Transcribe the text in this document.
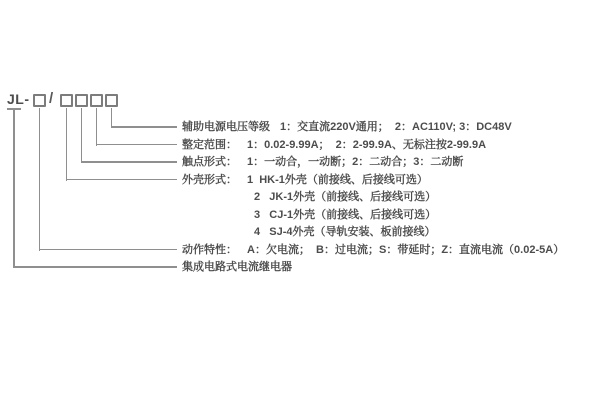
JL- /
辅助电源电压等级 1：交直流220V通用；  2：AC110V; 3：DC48V
整定范围： 1：0.02-9.99A；  2：2-99.9A、无标注按2-99.9A
触点形式： 1：一动合，一动断；2：二动合；3：二动断
外壳形式： 1  HK-1外壳（前接线、后接线可选）
2   JK-1外壳（前接线、后接线可选）
3   CJ-1外壳（前接线、后接线可选）
4   SJ-4外壳（导轨安装、板前接线）
动作特性： A：欠电流；  B：过电流；S：带延时；Z：直流电流（0.02-5A）
集成电路式电流继电器
